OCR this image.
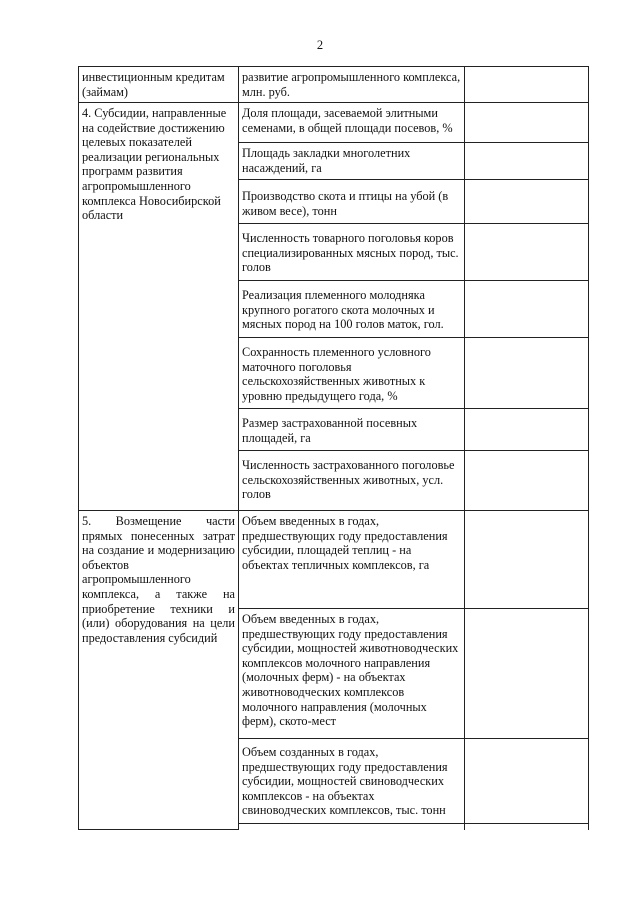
2
инвестиционным кредитам (займам)	развитие агропромышленного комплекса, млн. руб.	
4. Субсидии, направленные на содействие достижению целевых показателей реализации региональных программ развития агропромышленного комплекса Новосибирской области	Доля площади, засеваемой элитными семенами, в общей площади посевов, %	
	Площадь закладки многолетних насаждений, га	
	Производство скота и птицы на убой (в живом весе), тонн	
	Численность товарного поголовья коров специализированных мясных пород, тыс. голов	
	Реализация племенного молодняка крупного рогатого скота молочных и мясных пород на 100 голов маток, гол.	
	Сохранность племенного условного маточного поголовья сельскохозяйственных животных к уровню предыдущего года, %	
	Размер застрахованной посевных площадей, га	
	Численность застрахованного поголовье сельскохозяйственных животных, усл. голов	
5. Возмещение части прямых понесенных затрат на создание и модернизацию объектов агропромышленного комплекса, а также на приобретение техники и (или) оборудования на цели предоставления субсидий	Объем введенных в годах, предшествующих году предоставления субсидии, площадей теплиц - на объектах тепличных комплексов, га	
	Объем введенных в годах, предшествующих году предоставления субсидии, мощностей животноводческих комплексов молочного направления (молочных ферм) - на объектах животноводческих комплексов молочного направления (молочных ферм), ското-мест	
	Объем созданных в годах, предшествующих году предоставления субсидии, мощностей свиноводческих комплексов - на объектах свиноводческих комплексов, тыс. тонн	
